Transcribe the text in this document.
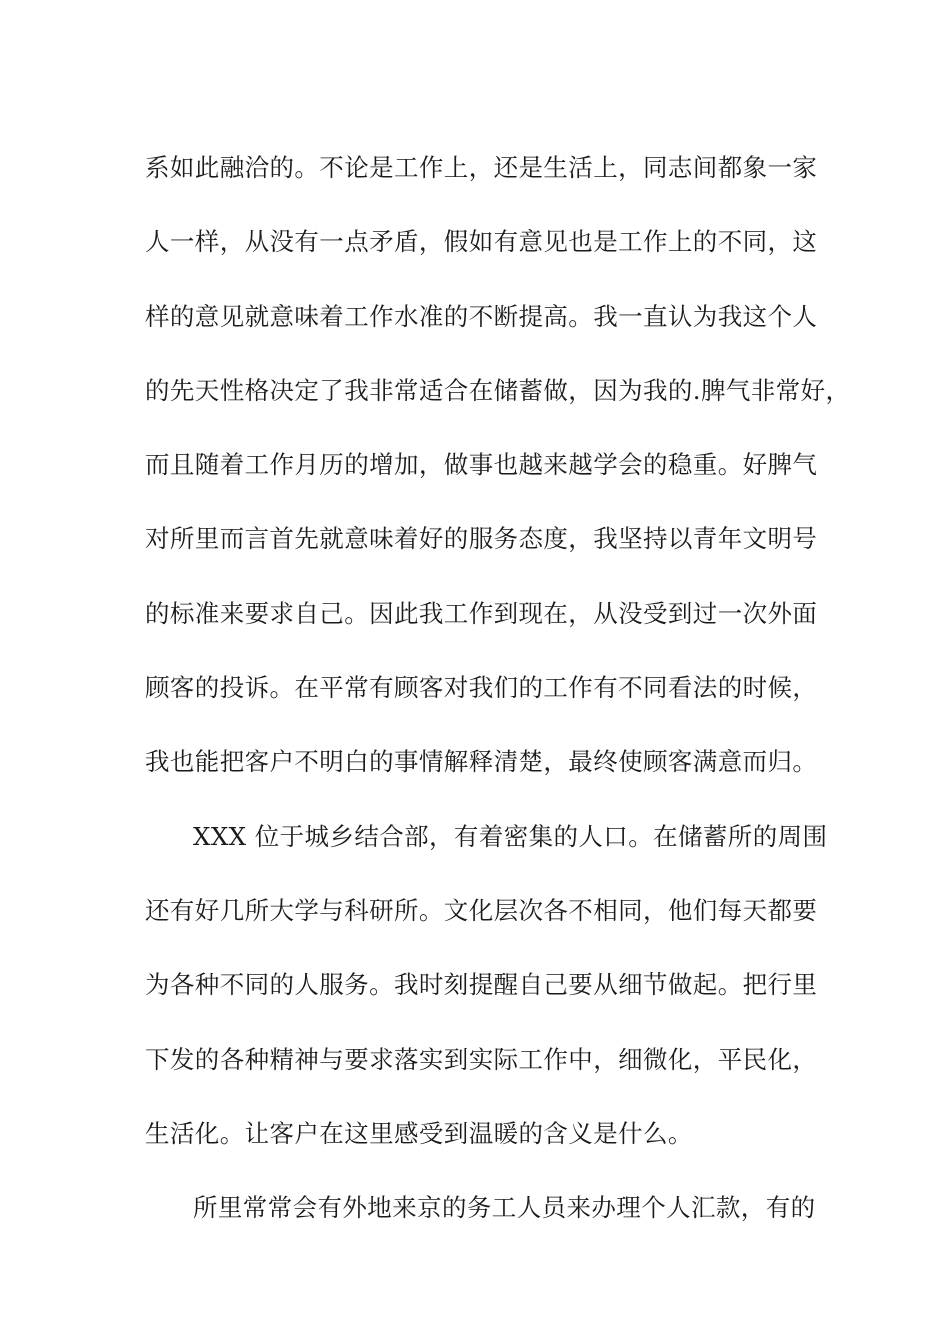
系如此融洽的。不论是工作上，还是生活上，同志间都象一家
人一样，从没有一点矛盾，假如有意见也是工作上的不同，这
样的意见就意味着工作水准的不断提高。我一直认为我这个人
的先天性格决定了我非常适合在储蓄做，因为我的.脾气非常好，
而且随着工作月历的增加，做事也越来越学会的稳重。好脾气
对所里而言首先就意味着好的服务态度，我坚持以青年文明号
的标准来要求自己。因此我工作到现在，从没受到过一次外面
顾客的投诉。在平常有顾客对我们的工作有不同看法的时候，
我也能把客户不明白的事情解释清楚，最终使顾客满意而归。
XXX 位于城乡结合部，有着密集的人口。在储蓄所的周围
还有好几所大学与科研所。文化层次各不相同，他们每天都要
为各种不同的人服务。我时刻提醒自己要从细节做起。把行里
下发的各种精神与要求落实到实际工作中，细微化，平民化，
生活化。让客户在这里感受到温暖的含义是什么。
所里常常会有外地来京的务工人员来办理个人汇款，有的
